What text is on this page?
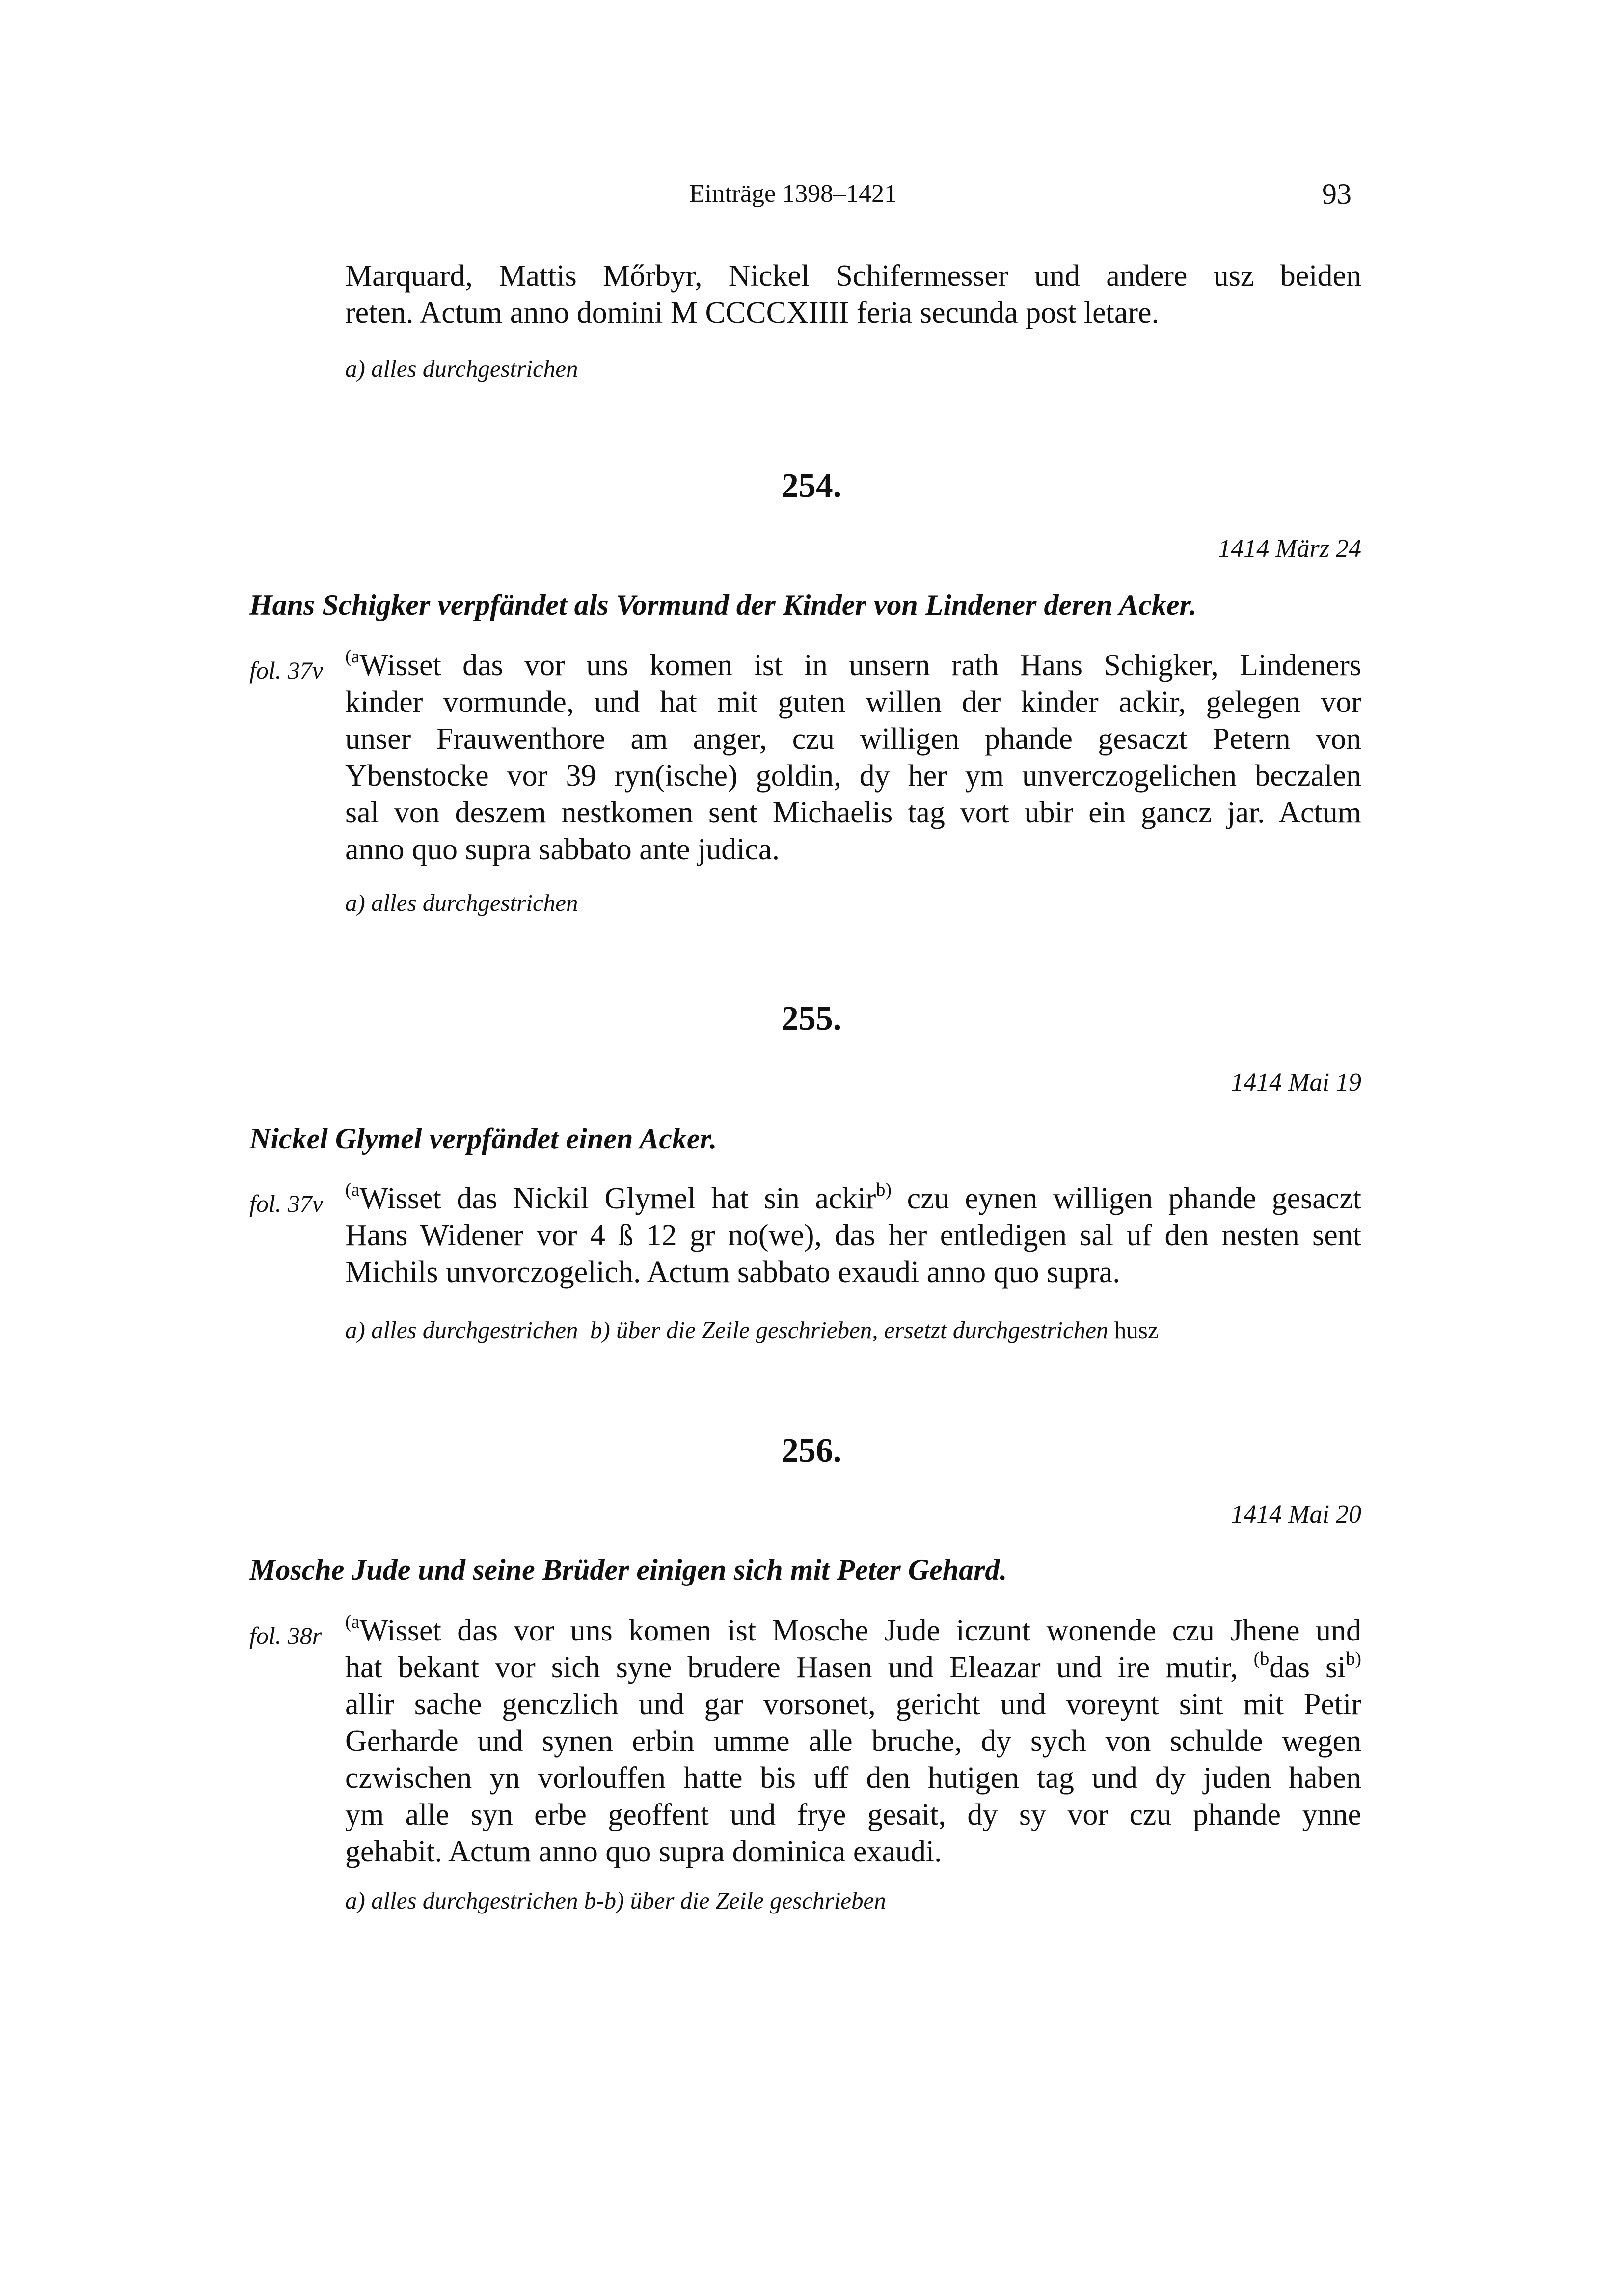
Einträge 1398–1421	93
Marquard, Mattis Mőrbyr, Nickel Schifermesser und andere usz beiden
reten. Actum anno domini M CCCCXIIII feria secunda post letare.
a) alles durchgestrichen
254.
1414 März 24
Hans Schigker verpfändet als Vormund der Kinder von Lindener deren Acker.
fol. 37v $^{(a}$Wisset das vor uns komen ist in unsern rath Hans Schigker, Lindeners
kinder vormunde, und hat mit guten willen der kinder ackir, gelegen vor
unser Frauwenthore am anger, czu willigen phande gesaczt Petern von
Ybenstocke vor 39 ryn(ische) goldin, dy her ym unverczogelichen beczalen
sal von deszem nestkomen sent Michaelis tag vort ubir ein gancz jar. Actum
anno quo supra sabbato ante judica.
a) alles durchgestrichen
255.
1414 Mai 19
Nickel Glymel verpfändet einen Acker.
fol. 37v $^{(a}$Wisset das Nickil Glymel hat sin ackir$^{b)}$ czu eynen willigen phande gesaczt
Hans Widener vor 4 ß 12 gr no(we), das her entledigen sal uf den nesten sent
Michils unvorczogelich. Actum sabbato exaudi anno quo supra.
a) alles durchgestrichen b) über die Zeile geschrieben, ersetzt durchgestrichen husz
256.
1414 Mai 20
Mosche Jude und seine Brüder einigen sich mit Peter Gehard.
fol. 38r $^{(a}$Wisset das vor uns komen ist Mosche Jude iczunt wonende czu Jhene und
hat bekant vor sich syne brudere Hasen und Eleazar und ire mutir, $^{(b}$das $si^{b)}$
allir sache genczlich und gar vorsonet, gericht und voreynt sint mit Petir
Gerharde und synen erbin umme alle bruche, dy sych von schulde wegen
czwischen yn vorlouffen hatte bis uff den hutigen tag und dy juden haben
ym alle syn erbe geoffent und frye gesait, dy sy vor czu phande ynne
gehabit. Actum anno quo supra dominica exaudi.
a) alles durchgestrichen b-b) über die Zeile geschrieben
